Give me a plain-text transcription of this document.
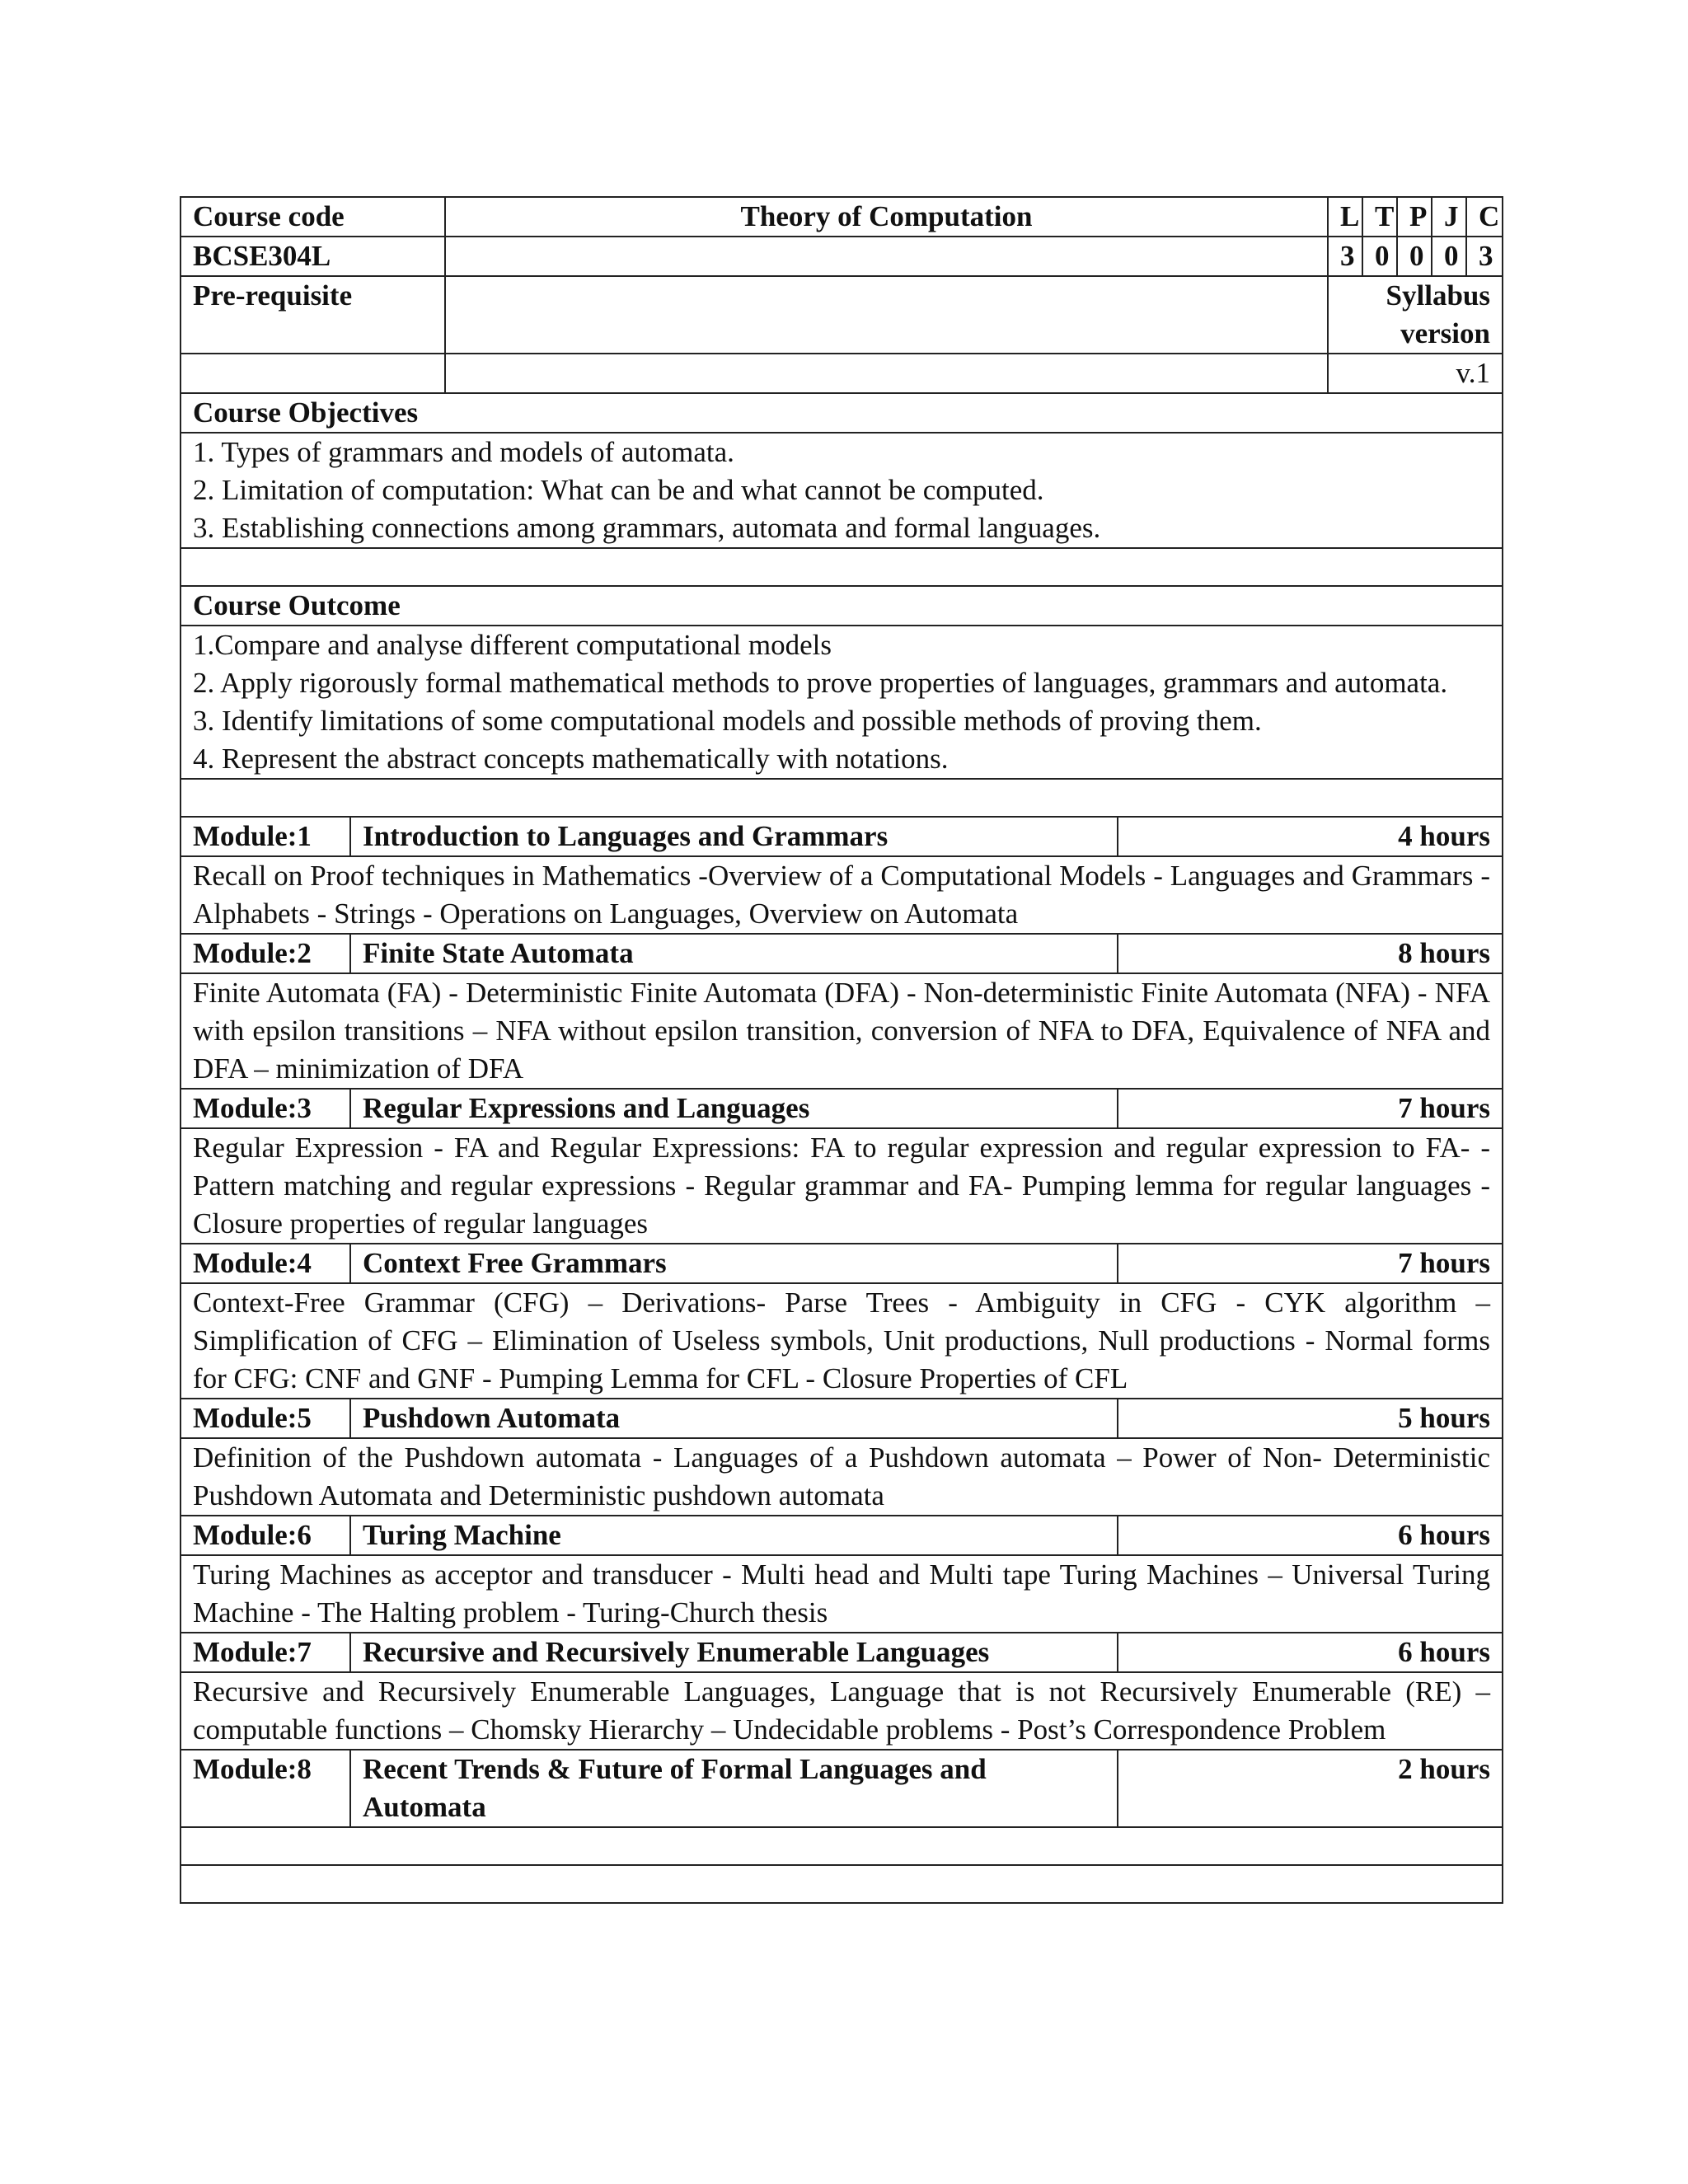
Course code		Theory of Computation		L	T	P	J	C
BCSE304L				3	0	0	0	3
Pre-requisite				Syllabus version				
				v.1				
Course Objectives								

1. Types of grammars and models of automata.
2. Limitation of computation: What can be and what cannot be computed.
3. Establishing connections among grammars, automata and formal languages.								

Course Outcome								

1.Compare and analyse different computational models
2. Apply rigorously formal mathematical methods to prove properties of languages, grammars and automata.
3. Identify limitations of some computational models and possible methods of proving them.
4. Represent the abstract concepts mathematically with notations.								

Module:1	Introduction to Languages and Grammars		4 hours					
Recall on Proof techniques in Mathematics -Overview of a Computational Models - Languages and Grammars - Alphabets - Strings - Operations on Languages, Overview on Automata								
Module:2	Finite State Automata		8 hours					
Finite Automata (FA) - Deterministic Finite Automata (DFA) - Non-deterministic Finite Automata (NFA) - NFA with epsilon transitions – NFA without epsilon transition, conversion of NFA to DFA, Equivalence of NFA and DFA – minimization of DFA								
Module:3	Regular Expressions and Languages		7 hours					
Regular Expression - FA and Regular Expressions: FA to regular expression and regular expression to FA- - Pattern matching and regular expressions - Regular grammar and FA- Pumping lemma for regular languages - Closure properties of regular languages								
Module:4	Context Free Grammars		7 hours					
Context-Free Grammar (CFG) – Derivations- Parse Trees - Ambiguity in CFG - CYK algorithm – Simplification of CFG – Elimination of Useless symbols, Unit productions, Null productions - Normal forms for CFG: CNF and GNF - Pumping Lemma for CFL - Closure Properties of CFL								
Module:5	Pushdown Automata		5 hours					
Definition of the Pushdown automata - Languages of a Pushdown automata – Power of Non- Deterministic Pushdown Automata and Deterministic pushdown automata								
Module:6	Turing Machine		6 hours					
Turing Machines as acceptor and transducer - Multi head and Multi tape Turing Machines – Universal Turing Machine - The Halting problem - Turing-Church thesis								
Module:7	Recursive and Recursively Enumerable Languages		6 hours					
Recursive and Recursively Enumerable Languages, Language that is not Recursively Enumerable (RE) – computable functions – Chomsky Hierarchy – Undecidable problems - Post’s Correspondence Problem								
Module:8	Recent Trends & Future of Formal Languages and Automata		2 hours					
